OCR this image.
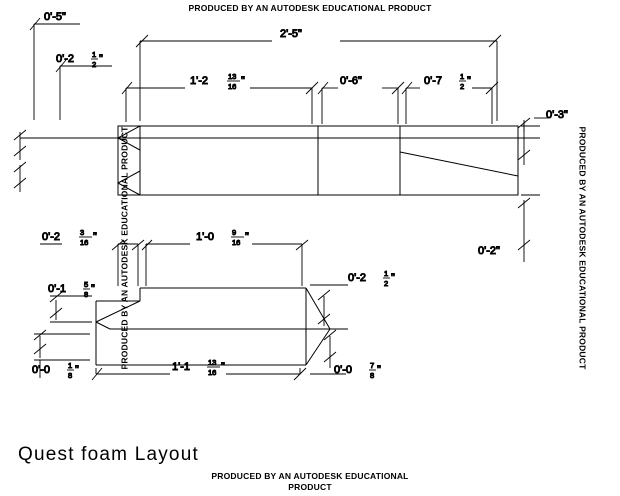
PRODUCED BY AN AUTODESK EDUCATIONAL PRODUCT
PRODUCED BY AN AUTODESK EDUCATIONAL PRODUCT	PRODUCED BY AN AUTODESK EDUCATIONAL PRODUCT
PRODUCED BY AN AUTODESK EDUCATIONAL
PRODUCT
0'-5"
0'-2 1
2 "
2'-5"
1'-2	13
16 "	0'-6"	0'-7 1
2 "
0'-3"
0'-2"
0'-2	3
16 "	1'-0 9
16 "
0'-2 1
2 "
0'-1 5
8 "
0'-0 1
8 "	1'-1 13
16 "	0'-0 7
8 "
Quest foam Layout
